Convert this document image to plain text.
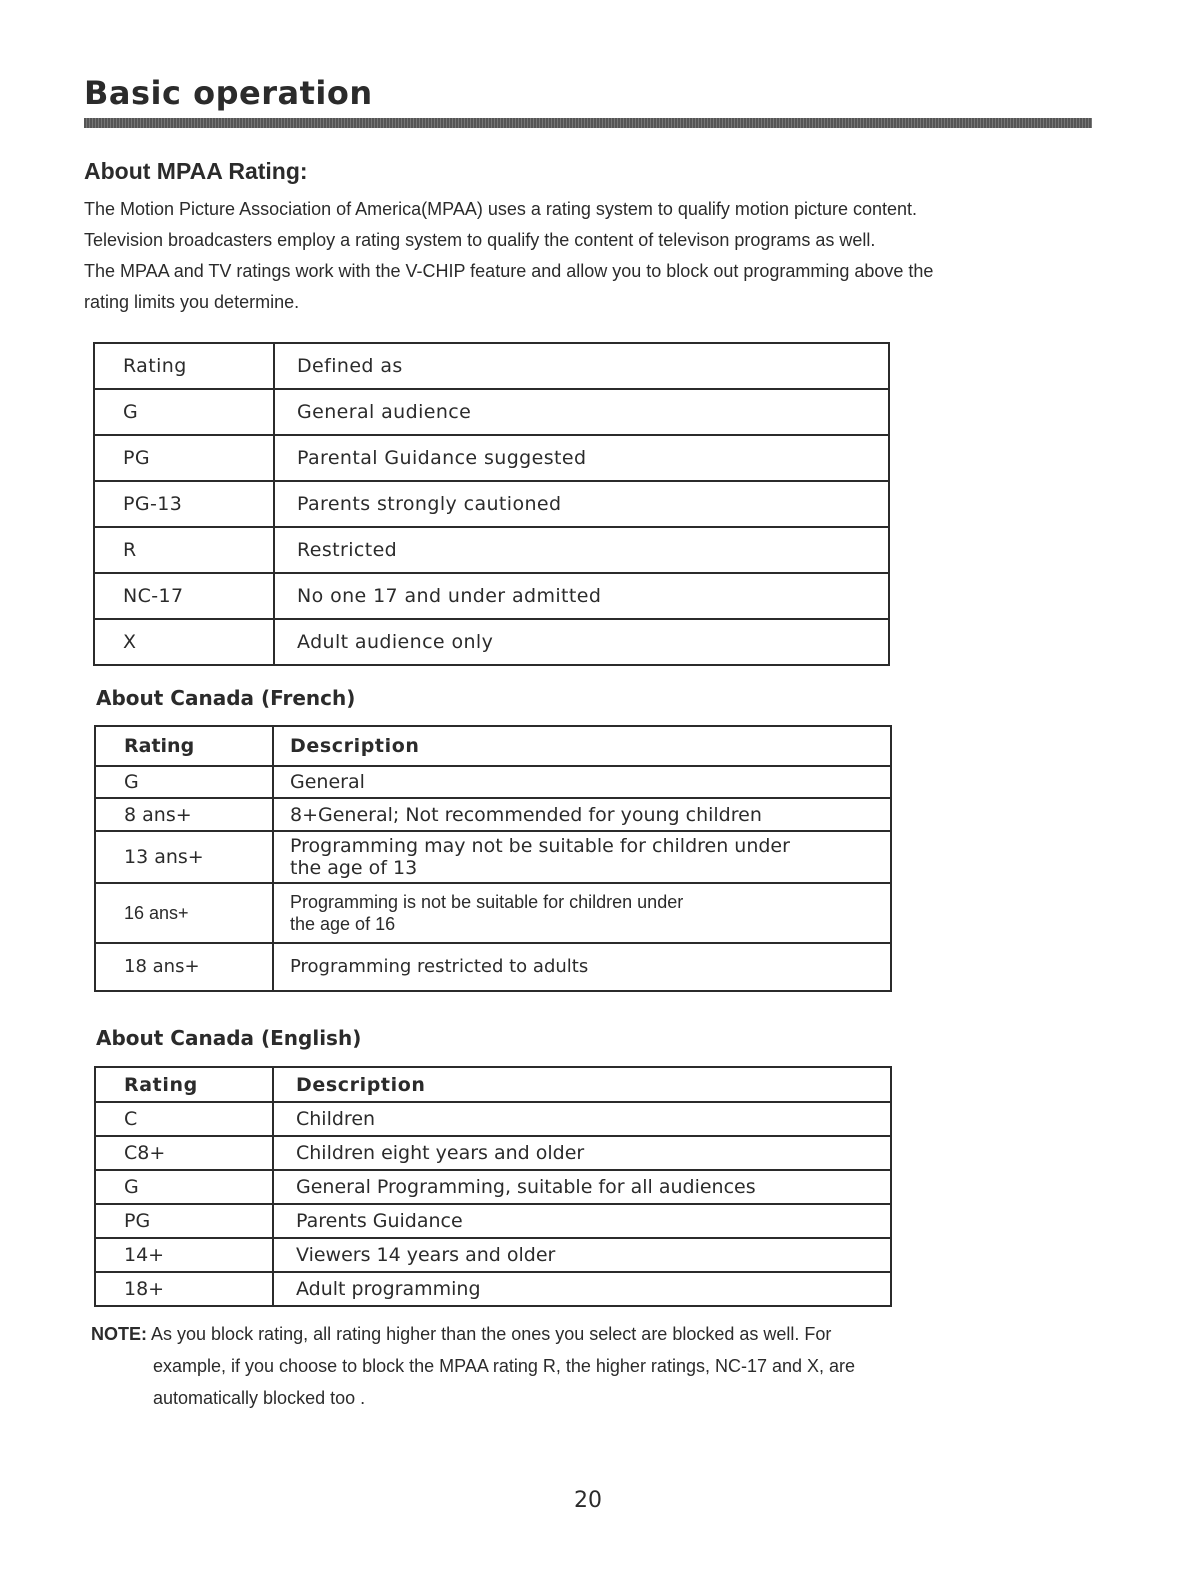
Basic operation
About MPAA Rating:

The Motion Picture Association of America(MPAA) uses a rating system to qualify motion picture content.

Television broadcasters employ a rating system to qualify the content of televison programs as well.

The MPAA and TV ratings work with the V-CHIP feature and allow you to block out programming above the

rating limits you determine.

Rating	Defined as
G	General audience
PG	Parental Guidance suggested
PG-13	Parents strongly cautioned
R	Restricted
NC-17	No one 17 and under admitted
X	Adult audience only
About Canada (French)
Rating	Description
G	General
8 ans+	8+General; Not recommended for young children
13 ans+	Programming may not be suitable for children under
the age of 13

16 ans+	Programming is not be suitable for children under
the age of 16

18 ans+	Programming restricted to adults
About Canada (English)
Rating	Description
C	Children
C8+	Children eight years and older
G	General Programming, suitable for all audiences
PG	Parents Guidance
14+	Viewers 14 years and older
18+	Adult programming
NOTE: As you block rating, all rating higher than the ones you select are blocked as well. For
example, if you choose to block the MPAA rating R, the higher ratings, NC-17 and X, are
automatically blocked too .
20
